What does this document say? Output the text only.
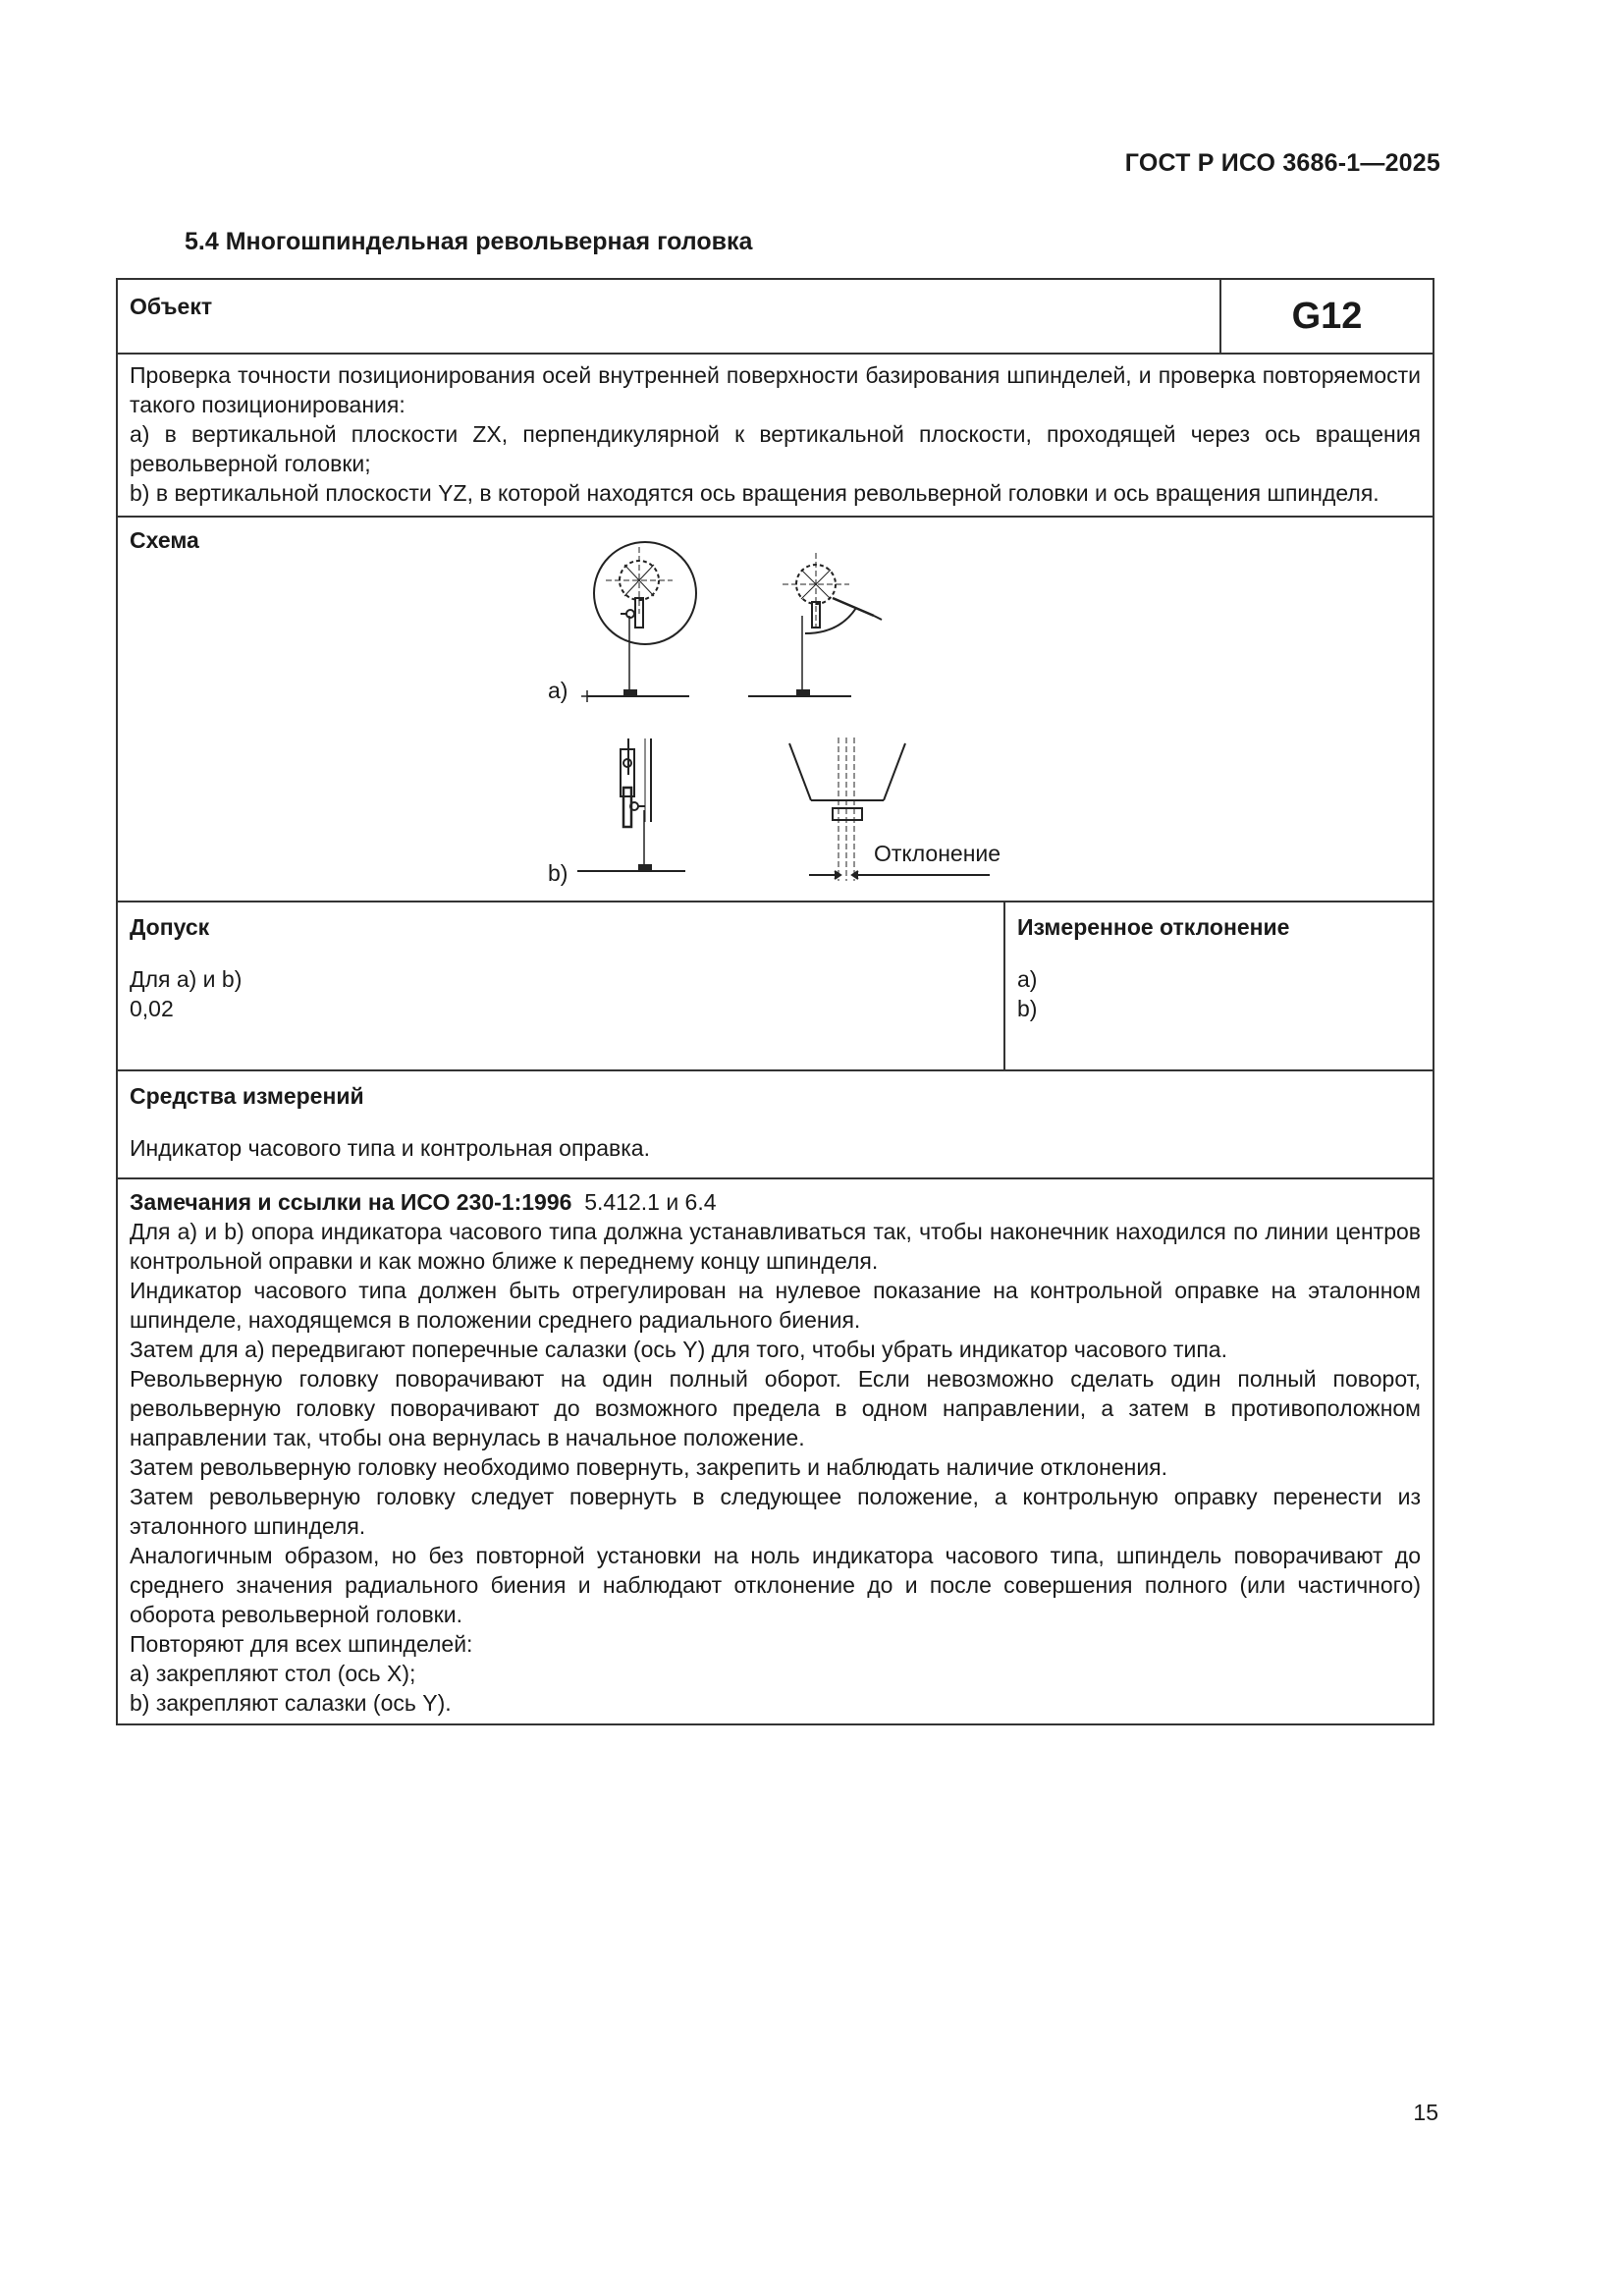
ГОСТ Р ИСО 3686-1—2025
5.4 Многошпиндельная револьверная головка
Объект	G12

Проверка точности позиционирования осей внутренней поверхности базирования шпинделей, и проверка повторяемости такого позиционирования:

a) в вертикальной плоскости ZX, перпендикулярной к вертикальной плоскости, проходящей через ось вращения револьверной головки;

b) в вертикальной плоскости YZ, в которой находятся ось вращения револьверной головки и ось вращения шпинделя.

Схема
a)
b)
Отклонение
Допуск
Для a) и b)
0,02
Измеренное отклонение
a)
b)
Средства измерений
Индикатор часового типа и контрольная оправка.

Замечания и ссылки на ИСО 230-1:1996 5.412.1 и 6.4

Для a) и b) опора индикатора часового типа должна устанавливаться так, чтобы наконечник находился по линии центров контрольной оправки и как можно ближе к переднему концу шпинделя.

Индикатор часового типа должен быть отрегулирован на нулевое показание на контрольной оправке на эталонном шпинделе, находящемся в положении среднего радиального биения.

Затем для a) передвигают поперечные салазки (ось Y) для того, чтобы убрать индикатор часового типа.

Револьверную головку поворачивают на один полный оборот. Если невозможно сделать один полный поворот, револьверную головку поворачивают до возможного предела в одном направлении, а затем в противоположном направлении так, чтобы она вернулась в начальное положение.

Затем револьверную головку необходимо повернуть, закрепить и наблюдать наличие отклонения.

Затем револьверную головку следует повернуть в следующее положение, а контрольную оправку перенести из эталонного шпинделя.

Аналогичным образом, но без повторной установки на ноль индикатора часового типа, шпиндель поворачивают до среднего значения радиального биения и наблюдают отклонение до и после совершения полного (или частичного) оборота револьверной головки.

Повторяют для всех шпинделей:

a) закрепляют стол (ось X);

b) закрепляют салазки (ось Y).

15
